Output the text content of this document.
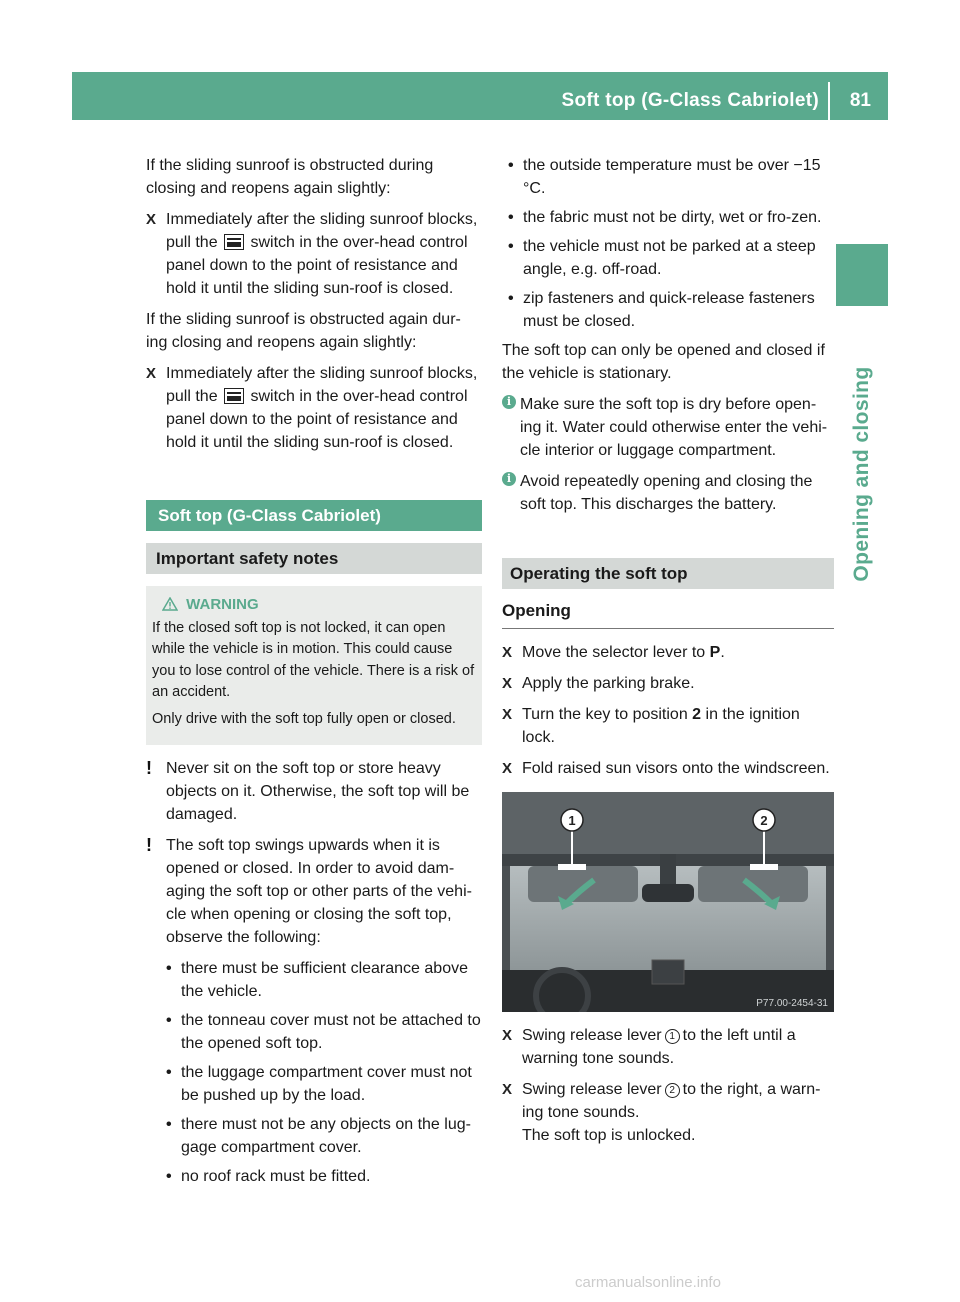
Soft top (G-Class Cabriolet) 81
Opening and closing

If the sliding sunroof is obstructed during closing and reopens again slightly:

X Immediately after the sliding sunroof blocks, pull the switch in the over-head control panel down to the point of resistance and hold it until the sliding sun-roof is closed.

If the sliding sunroof is obstructed again dur-ing closing and reopens again slightly:

X Immediately after the sliding sunroof blocks, pull the switch in the over-head control panel down to the point of resistance and hold it until the sliding sun-roof is closed.
Soft top (G-Class Cabriolet)
Important safety notes
WARNING

If the closed soft top is not locked, it can open while the vehicle is in motion. This could cause you to lose control of the vehicle. There is a risk of an accident.

Only drive with the soft top fully open or closed.

! Never sit on the soft top or store heavy objects on it. Otherwise, the soft top will be damaged.
! The soft top swings upwards when it is opened or closed. In order to avoid dam-aging the soft top or other parts of the vehi-cle when opening or closing the soft top, observe the following:
• there must be sufficient clearance above the vehicle.
• the tonneau cover must not be attached to the opened soft top.
• the luggage compartment cover must not be pushed up by the load.
• there must not be any objects on the lug-gage compartment cover.
• no roof rack must be fitted.
• the outside temperature must be over −15 °C.
• the fabric must not be dirty, wet or fro-zen.
• the vehicle must not be parked at a steep angle, e.g. off-road.
• zip fasteners and quick-release fasteners must be closed.

The soft top can only be opened and closed if the vehicle is stationary.

i Make sure the soft top is dry before open-ing it. Water could otherwise enter the vehi-cle interior or luggage compartment.
i Avoid repeatedly opening and closing the soft top. This discharges the battery.
Operating the soft top
Opening
X Move the selector lever to P.
X Apply the parking brake.
X Turn the key to position 2 in the ignition lock.
X Fold raised sun visors onto the windscreen.
1	2
P77.00-2454-31
X Swing release lever 1 to the left until a warning tone sounds.
X Swing release lever 2 to the right, a warn-ing tone sounds.
The soft top is unlocked.
carmanualsonline.info
